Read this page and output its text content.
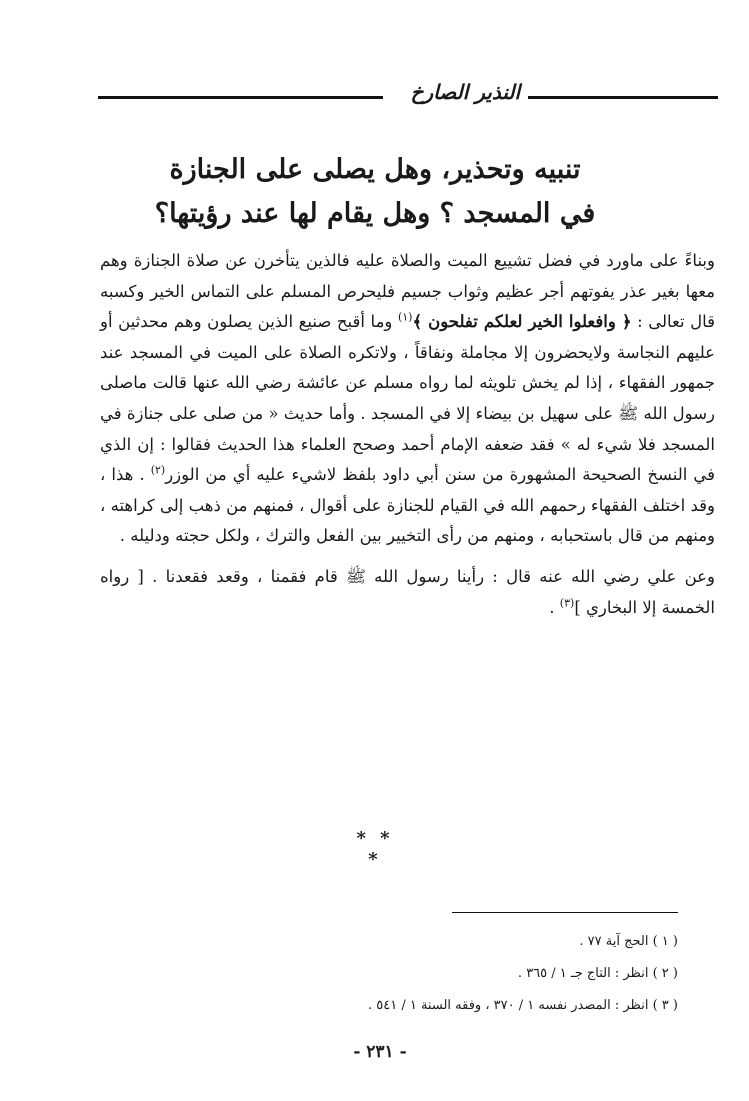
النذير الصارخ
تنبيه وتحذير، وهل يصلى على الجنازة
في المسجد ؟ وهل يقام لها عند رؤيتها؟

وبناءً على ماورد في فضل تشييع الميت والصلاة عليه فالذين يتأخرن عن صلاة الجنازة وهم معها بغير عذر يفوتهم أجر عظيم وثواب جسيم فليحرص المسلم على التماس الخير وكسبه قال تعالى : ﴿ وافعلوا الخير لعلكم تفلحون ﴾$^{(١)}$ وما أقبح صنيع الذين يصلون وهم محدثين أو عليهم النجاسة ولايحضرون إلا مجاملة ونفاقاً ، ولاتكره الصلاة على الميت في المسجد عند جمهور الفقهاء ، إذا لم يخش تلويثه لما رواه مسلم عن عائشة رضي الله عنها قالت ماصلى رسول الله ﷺ على سهيل بن بيضاء إلا في المسجد . وأما حديث « من صلى على جنازة في المسجد فلا شيء له » فقد ضعفه الإمام أحمد وصحح العلماء هذا الحديث فقالوا : إن الذي في النسخ الصحيحة المشهورة من سنن أبي داود بلفظ لاشيء عليه أي من الوزر$^{(٢)}$ . هذا ، وقد اختلف الفقهاء رحمهم الله في القيام للجنازة على أقوال ، فمنهم من ذهب إلى كراهته ، ومنهم من قال باستحبابه ، ومنهم من رأى التخيير بين الفعل والترك ، ولكل حجته ودليله .

وعن علي رضي الله عنه قال : رأينا رسول الله ﷺ قام فقمنا ، وقعد فقعدنا . [ رواه الخمسة إلا البخاري ]$^{(٣)}$ .

* * *
( ١ ) الحج آية ٧٧ .
( ٢ ) انظر : التاج جـ ١ / ٣٦٥ .
( ٣ ) انظر : المصدر نفسه ١ / ٣٧٠ ، وفقه السنة ١ / ٥٤١ .
- ٢٣١ -
